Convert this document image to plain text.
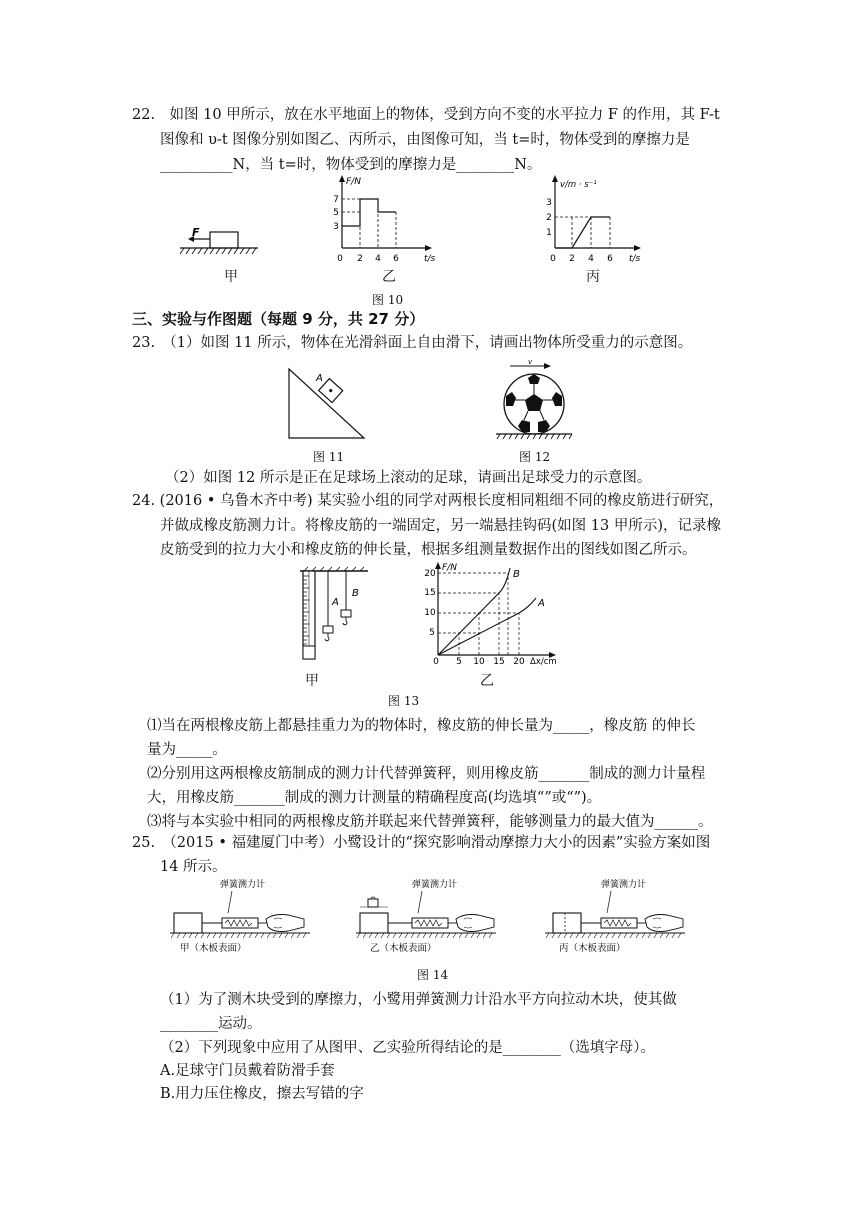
22.　如图 10 甲所示，放在水平地面上的物体，受到方向不变的水平拉力 F 的作用，其 F-t
图像和 υ-t 图像分别如图乙、丙所示，由图像可知，当 t=时，物体受到的摩擦力是
__________N，当 t=时，物体受到的摩擦力是________N。
F
F/N
t/s
0 2 4 6
3
5
7
v/m · s⁻¹
t/s
0 2 4 6
1
2
3
甲	乙	丙
图 10
三、实验与作图题（每题 9 分，共 27 分）
23.　（1）如图 11 所示，物体在光滑斜面上自由滑下，请画出物体所受重力的示意图。
A
v
图 11	图 12
（2）如图 12 所示是正在足球场上滚动的足球，请画出足球受力的示意图。
24. (2016 • 乌鲁木齐中考) 某实验小组的同学对两根长度相同粗细不同的橡皮筋进行研究，
并做成橡皮筋测力计。将橡皮筋的一端固定，另一端悬挂钩码(如图 13 甲所示)，记录橡
皮筋受到的拉力大小和橡皮筋的伸长量，根据多组测量数据作出的图线如图乙所示。
A
B
F/N
Δx/cm
0 5 10 15 20
5
10
15
20	B
A
甲	乙
图 13
⑴当在两根橡皮筋上都悬挂重力为的物体时，橡皮筋的伸长量为_____，橡皮筋 的伸长
量为_____。
⑵分别用这两根橡皮筋制成的测力计代替弹簧秤，则用橡皮筋_______制成的测力计量程
大，用橡皮筋_______制成的测力计测量的精确程度高(均选填“”或“”)。
⑶将与本实验中相同的两根橡皮筋并联起来代替弹簧秤，能够测量力的最大值为______。
25.　（2015 • 福建厦门中考）小鹭设计的“探究影响滑动摩擦力大小的因素”实验方案如图
14 所示。
弹簧测力计
甲（木板表面）
弹簧测力计
乙（木板表面）
弹簧测力计
丙（木板表面）
图 14
（1）为了测木块受到的摩擦力，小鹭用弹簧测力计沿水平方向拉动木块，使其做
________运动。
（2）下列现象中应用了从图甲、乙实验所得结论的是________（选填字母）。
A.足球守门员戴着防滑手套
B.用力压住橡皮，擦去写错的字
